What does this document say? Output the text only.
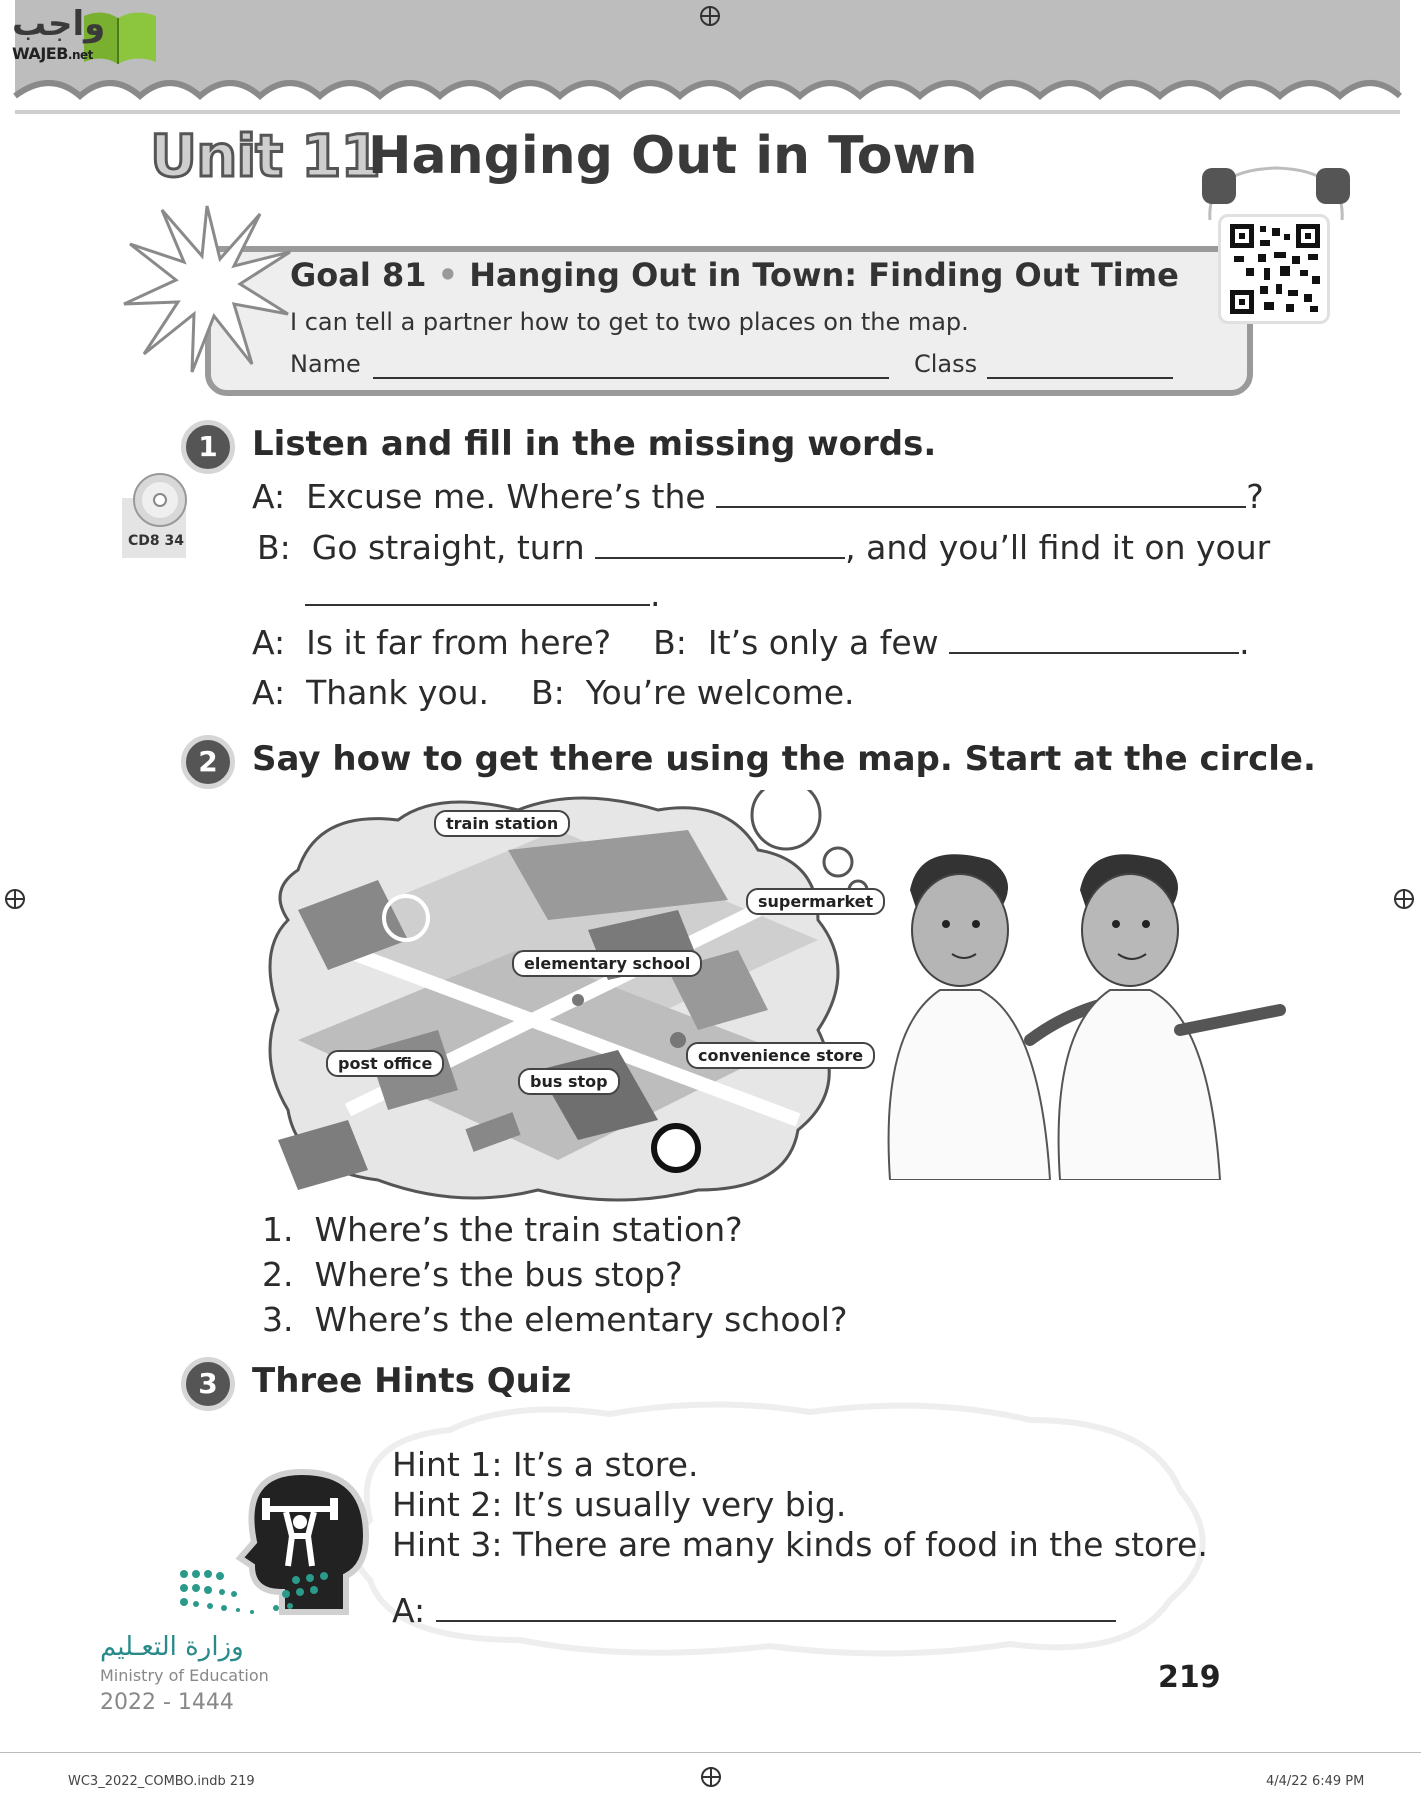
واجب
WAJEB.net
Unit 11
Hanging Out in Town
Goal 81 • Hanging Out in Town: Finding Out Time
I can tell a partner how to get to two places on the map.
Name	Class
1	Listen and fill in the missing words.
CD8 34
A: Excuse me. Where’s the	?
B: Go straight, turn	, and you’ll find it on your
.
A: Is it far from here? B: It’s only a few	.
A: Thank you. B: You’re welcome.
2	Say how to get there using the map. Start at the circle.
train station
supermarket
elementary school
convenience store
post office
bus stop
1. Where’s the train station?
2. Where’s the bus stop?
3. Where’s the elementary school?
3	Three Hints Quiz
Hint 1: It’s a store.
Hint 2: It’s usually very big.
Hint 3: There are many kinds of food in the store.
A:
وزارة التعـليم
Ministry of Education
2022 - 1444
219
WC3_2022_COMBO.indb 219	4/4/22 6:49 PM
